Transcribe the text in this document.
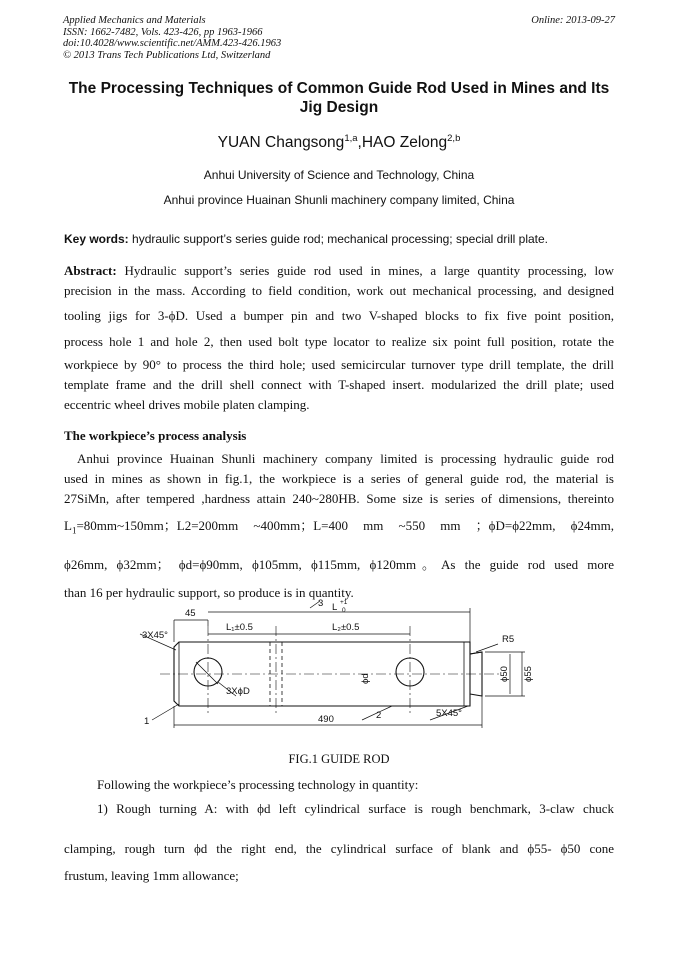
Applied Mechanics and Materials
ISSN: 1662-7482, Vols. 423-426, pp 1963-1966
doi:10.4028/www.scientific.net/AMM.423-426.1963
© 2013 Trans Tech Publications Ltd, Switzerland
Online: 2013-09-27
The Processing Techniques of Common Guide Rod Used in Mines and Its Jig Design
YUAN Changsong$^{1,a}$,HAO Zelong$^{2,b}$
Anhui University of Science and Technology, China
Anhui province Huainan Shunli machinery company limited, China
Key words: hydraulic support’s series guide rod; mechanical processing; special drill plate.
Abstract: Hydraulic support’s series guide rod used in mines, a large quantity processing, low
precision in the mass. According to field condition, work out mechanical processing, and designed
tooling jigs for 3-ϕD. Used a bumper pin and two V-shaped blocks to fix five point position,
process hole 1 and hole 2, then used bolt type locator to realize six point full position, rotate the
workpiece by 90° to process the third hole; used semicircular turnover type drill template, the drill
template frame and the drill shell connect with T-shaped insert. modularized the drill plate; used
eccentric wheel drives mobile platen clamping.
The workpiece’s process analysis
Anhui province Huainan Shunli machinery company limited is processing hydraulic guide rod
used in mines as shown in fig.1, the workpiece is a series of general guide rod, the material is
27SiMn, after tempered ,hardness attain 240~280HB. Some size is series of dimensions, thereinto
$L_1=80mm\sim 150mm$；L2=200mm ~400mm；L=400 mm ~550 mm ；ϕD=ϕ22mm, ϕ24mm,
ϕ26mm, ϕ32mm； ϕd=ϕ90mm, ϕ105mm, ϕ115mm, ϕ120mm。As the guide rod used more
than 16 per hydraulic support, so produce is in quantity.
45
3 L +1
0
L₁±0.5	L₂±0.5
3X45°	R5
ϕd
3XϕD
ϕ50 ϕ55
1	490	2	5X45°
FIG.1 GUIDE ROD
Following the workpiece’s processing technology in quantity:
1) Rough turning A: with ϕd left cylindrical surface is rough benchmark, 3-claw chuck
clamping, rough turn ϕd the right end, the cylindrical surface of blank and ϕ55- ϕ50 cone
frustum, leaving 1mm allowance;
